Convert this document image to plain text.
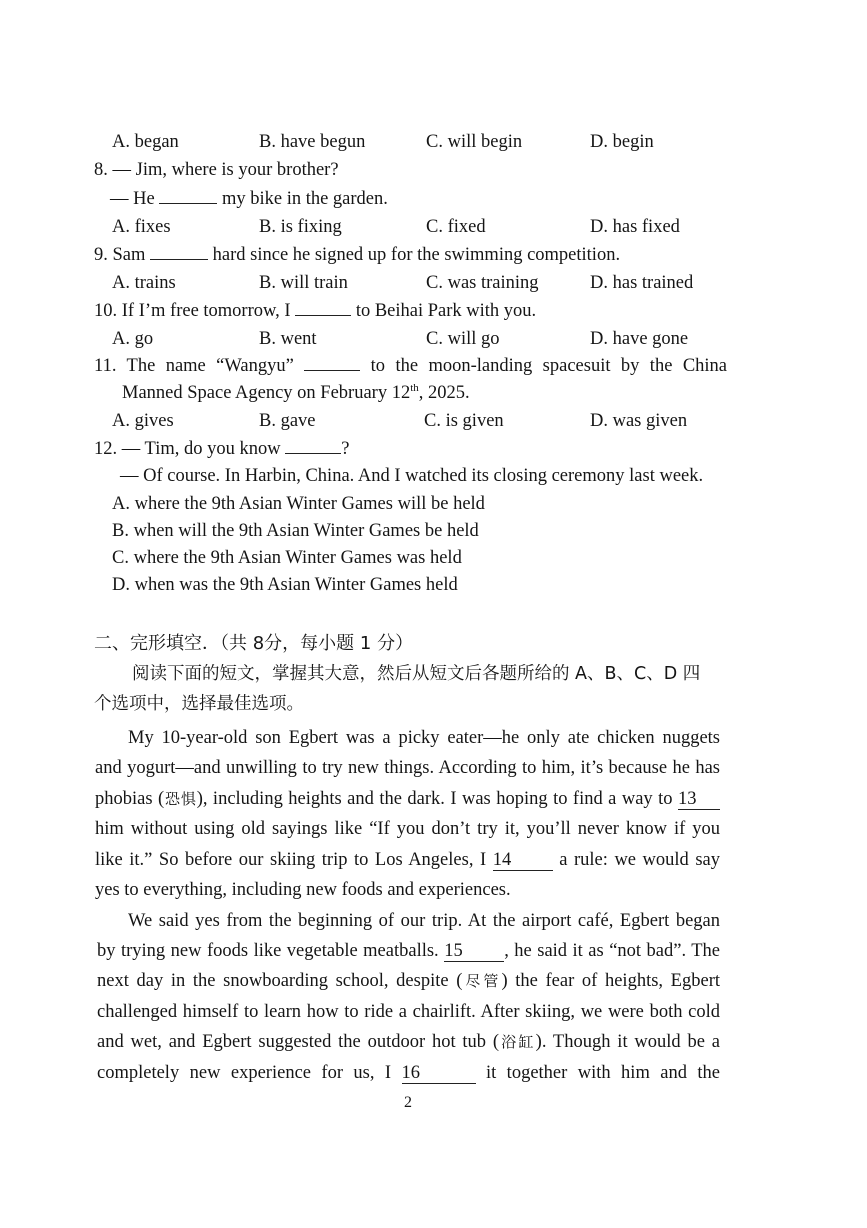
A. began	B. have begun	C. will begin	D. begin
8. — Jim, where is your brother?
— He	my bike in the garden.
A. fixes	B. is fixing	C. fixed	D. has fixed
9. Sam	hard since he signed up for the swimming competition.
A. trains	B. will train	C. was training	D. has trained
10. If I’m free tomorrow, I	to Beihai Park with you.
A. go	B. went	C. will go	D. have gone
11. The name “Wangyu”	to the moon-landing spacesuit by the China
Manned Space Agency on February 12th, 2025.
A. gives	B. gave	C. is given	D. was given
12. — Tim, do you know	?
— Of course. In Harbin, China. And I watched its closing ceremony last week.
A. where the 9th Asian Winter Games will be held
B. when will the 9th Asian Winter Games be held
C. where the 9th Asian Winter Games was held
D. when was the 9th Asian Winter Games held
二、完形填空．（共 8分，每小题 1 分）
阅读下面的短文，掌握其大意，然后从短文后各题所给的 A、B、C、D 四
个选项中，选择最佳选项。
My 10-year-old son Egbert was a picky eater—he only ate chicken nuggets
and yogurt—and unwilling to try new things. According to him, it’s because he has
phobias (恐惧), including heights and the dark. I was hoping to find a way to 13
him without using old sayings like “If you don’t try it, you’ll never know if you
like it.” So before our skiing trip to Los Angeles, I 14	a rule: we would say
yes to everything, including new foods and experiences.
We said yes from the beginning of our trip. At the airport café, Egbert began
by trying new foods like vegetable meatballs. 15 , he said it as “not bad”. The
next day in the snowboarding school, despite (尽管) the fear of heights, Egbert
challenged himself to learn how to ride a chairlift. After skiing, we were both cold
and wet, and Egbert suggested the outdoor hot tub (浴缸). Though it would be a
completely new experience for us, I 16	it together with him and the
2
